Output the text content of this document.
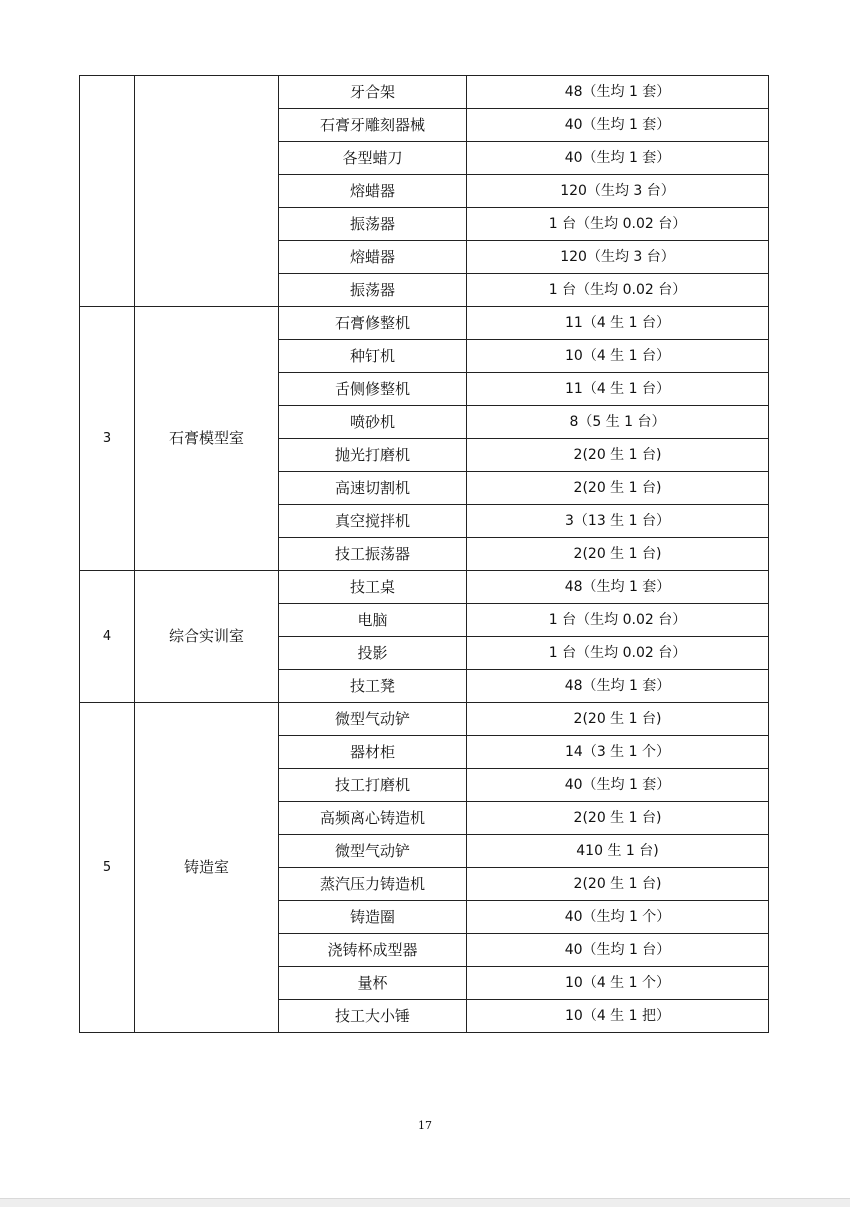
		牙合架	48（生均 1 套）
		石膏牙雕刻器械	40（生均 1 套）
		各型蜡刀	40（生均 1 套）
		熔蜡器	120（生均 3 台）
		振荡器	1 台（生均 0.02 台）
		熔蜡器	120（生均 3 台）
		振荡器	1 台（生均 0.02 台）
3	石膏模型室	石膏修整机	11（4 生 1 台）
		种钉机	10（4 生 1 台）
		舌侧修整机	11（4 生 1 台）
		喷砂机	8（5 生 1 台）
		抛光打磨机	2(20 生 1 台)
		高速切割机	2(20 生 1 台)
		真空搅拌机	3（13 生 1 台）
		技工振荡器	2(20 生 1 台)
4	综合实训室	技工桌	48（生均 1 套）
		电脑	1 台（生均 0.02 台）
		投影	1 台（生均 0.02 台）
		技工凳	48（生均 1 套）
5	铸造室	微型气动铲	2(20 生 1 台)
		器材柜	14（3 生 1 个）
		技工打磨机	40（生均 1 套）
		高频离心铸造机	2(20 生 1 台)
		微型气动铲	410 生 1 台)
		蒸汽压力铸造机	2(20 生 1 台)
		铸造圈	40（生均 1 个）
		浇铸杯成型器	40（生均 1 台）
		量杯	10（4 生 1 个）
		技工大小锤	10（4 生 1 把）
17
